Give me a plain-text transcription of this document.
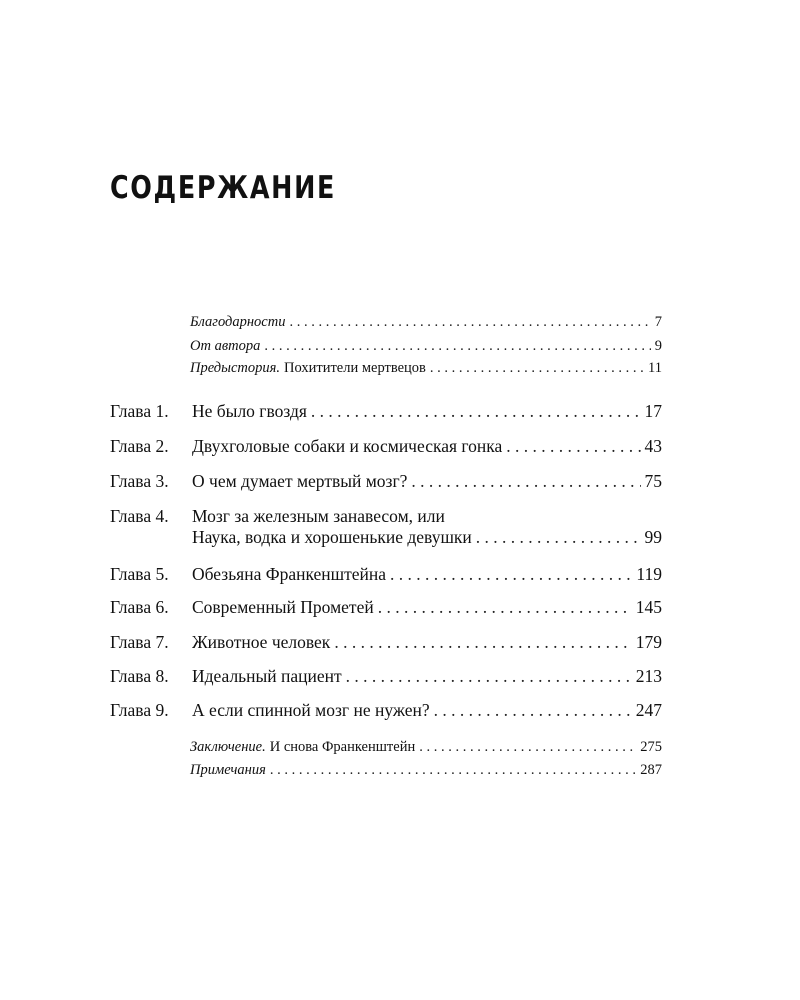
СОДЕРЖАНИЕ
Благодарности . . .	7
От автора . . .	9
Предыстория. Похитители мертвецов . . .	11
Глава 1.	Не было гвоздя . . .	17
Глава 2.	Двухголовые собаки и космическая гонка . . .	43
Глава 3.	О чем думает мертвый мозг? . . .	75
Глава 4.	Мозг за железным занавесом, или
Наука, водка и хорошенькие девушки . . .	99
Глава 5.	Обезьяна Франкенштейна . . .	119
Глава 6.	Современный Прометей . . .	145
Глава 7.	Животное человек . . .	179
Глава 8.	Идеальный пациент . . .	213
Глава 9.	А если спинной мозг не нужен? . . .	247
Заключение. И снова Франкенштейн . . .	275
Примечания . . .	287
